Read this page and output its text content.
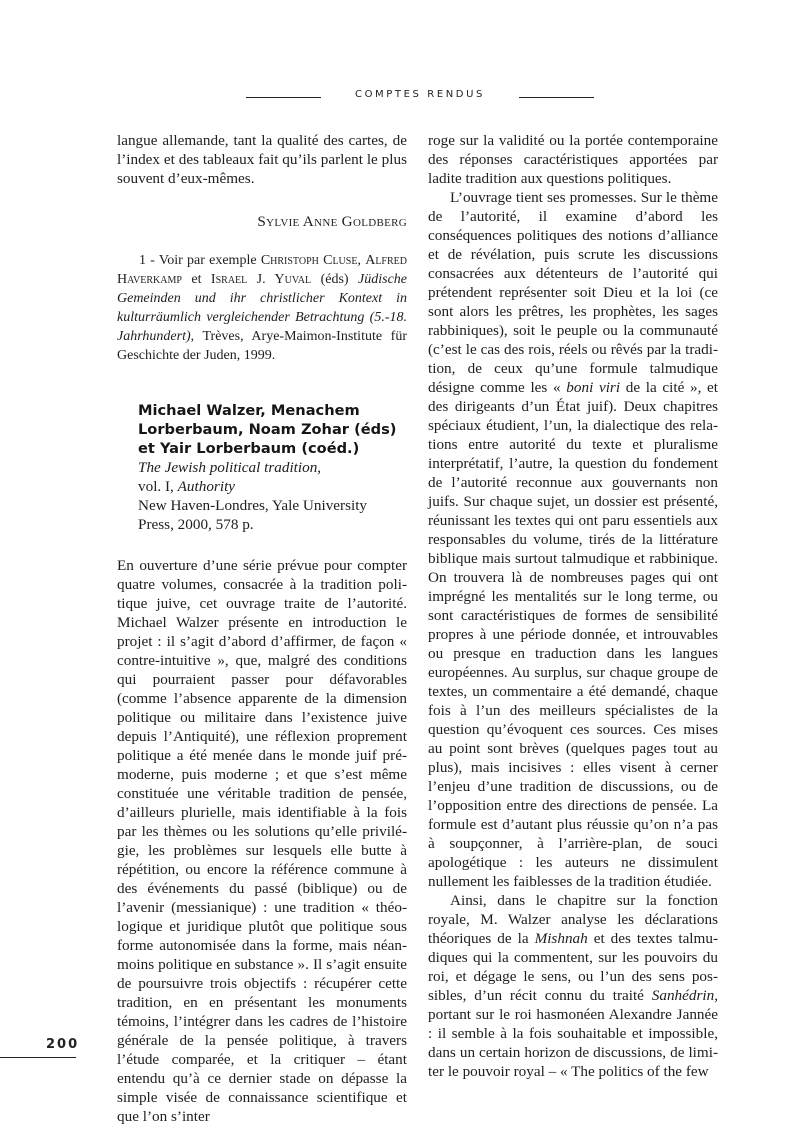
COMPTES RENDUS

langue allemande, tant la qualité des cartes, de l’index et des tableaux fait qu’ils parlent le plus souvent d’eux-mêmes.

Sylvie Anne Goldberg

1 - Voir par exemple Christoph Cluse, Alfred Haverkamp et Israel J. Yuval (éds) Jüdische Gemeinden und ihr christlicher Kontext in kulturräumlich vergleichender Betrachtung (5.-18. Jahrhundert), Trèves, Arye-Maimon-Institute für Geschichte der Juden, 1999.

Michael Walzer, Menachem
Lorberbaum, Noam Zohar (éds)
et Yair Lorberbaum (coéd.)
The Jewish political tradition,
vol. I, Authority
New Haven-Londres, Yale University
Press, 2000, 578 p.

En ouverture d’une série prévue pour compter quatre volumes, consacrée à la tradition politique juive, cet ouvrage traite de l’autorité. Michael Walzer présente en introduction le projet : il s’agit d’abord d’affirmer, de façon « contre-intuitive », que, malgré des conditions qui pourraient passer pour défavorables (comme l’absence apparente de la dimension politique ou militaire dans l’existence juive depuis l’Antiquité), une réflexion proprement politique a été menée dans le monde juif prémoderne, puis moderne ; et que s’est même constituée une véritable tradition de pensée, d’ailleurs plurielle, mais identifiable à la fois par les thèmes ou les solutions qu’elle privilégie, les problèmes sur lesquels elle butte à répétition, ou encore la référence commune à des événements du passé (biblique) ou de l’avenir (messianique) : une tradition « théologique et juridique plutôt que politique sous forme autonomisée dans la forme, mais néanmoins politique en substance ». Il s’agit ensuite de poursuivre trois objectifs : récupérer cette tradition, en en présentant les monuments témoins, l’intégrer dans les cadres de l’histoire générale de la pensée politique, à travers l’étude comparée, et la critiquer – étant entendu qu’à ce dernier stade on dépasse la simple visée de connaissance scientifique et que l’on s’inter

roge sur la validité ou la portée contemporaine des réponses caractéristiques apportées par ladite tradition aux questions politiques.

L’ouvrage tient ses promesses. Sur le thème de l’autorité, il examine d’abord les conséquences politiques des notions d’alliance et de révélation, puis scrute les discussions consacrées aux détenteurs de l’autorité qui prétendent représenter soit Dieu et la loi (ce sont alors les prêtres, les prophètes, les sages rabbiniques), soit le peuple ou la communauté (c’est le cas des rois, réels ou rêvés par la tradition, de ceux qu’une formule talmudique désigne comme les « boni viri de la cité », et des dirigeants d’un État juif). Deux chapitres spéciaux étudient, l’un, la dialectique des relations entre autorité du texte et pluralisme interprétatif, l’autre, la question du fondement de l’autorité reconnue aux gouvernants non juifs. Sur chaque sujet, un dossier est présenté, réunissant les textes qui ont paru essentiels aux responsables du volume, tirés de la littérature biblique mais surtout talmudique et rabbinique. On trouvera là de nombreuses pages qui ont imprégné les mentalités sur le long terme, ou sont caractéristiques de formes de sensibilité propres à une période donnée, et introuvables ou presque en traduction dans les langues européennes. Au surplus, sur chaque groupe de textes, un commentaire a été demandé, chaque fois à l’un des meilleurs spécialistes de la question qu’évoquent ces sources. Ces mises au point sont brèves (quelques pages tout au plus), mais incisives : elles visent à cerner l’enjeu d’une tradition de discussions, ou de l’opposition entre des directions de pensée. La formule est d’autant plus réussie qu’on n’a pas à soupçonner, à l’arrière-plan, de souci apologétique : les auteurs ne dissimulent nullement les faiblesses de la tradition étudiée.

Ainsi, dans le chapitre sur la fonction royale, M. Walzer analyse les déclarations théoriques de la Mishnah et des textes talmudiques qui la commentent, sur les pouvoirs du roi, et dégage le sens, ou l’un des sens possibles, d’un récit connu du traité Sanhédrin, portant sur le roi hasmonéen Alexandre Jannée : il semble à la fois souhaitable et impossible, dans un certain horizon de discussions, de limiter le pouvoir royal – « The politics of the few

200
